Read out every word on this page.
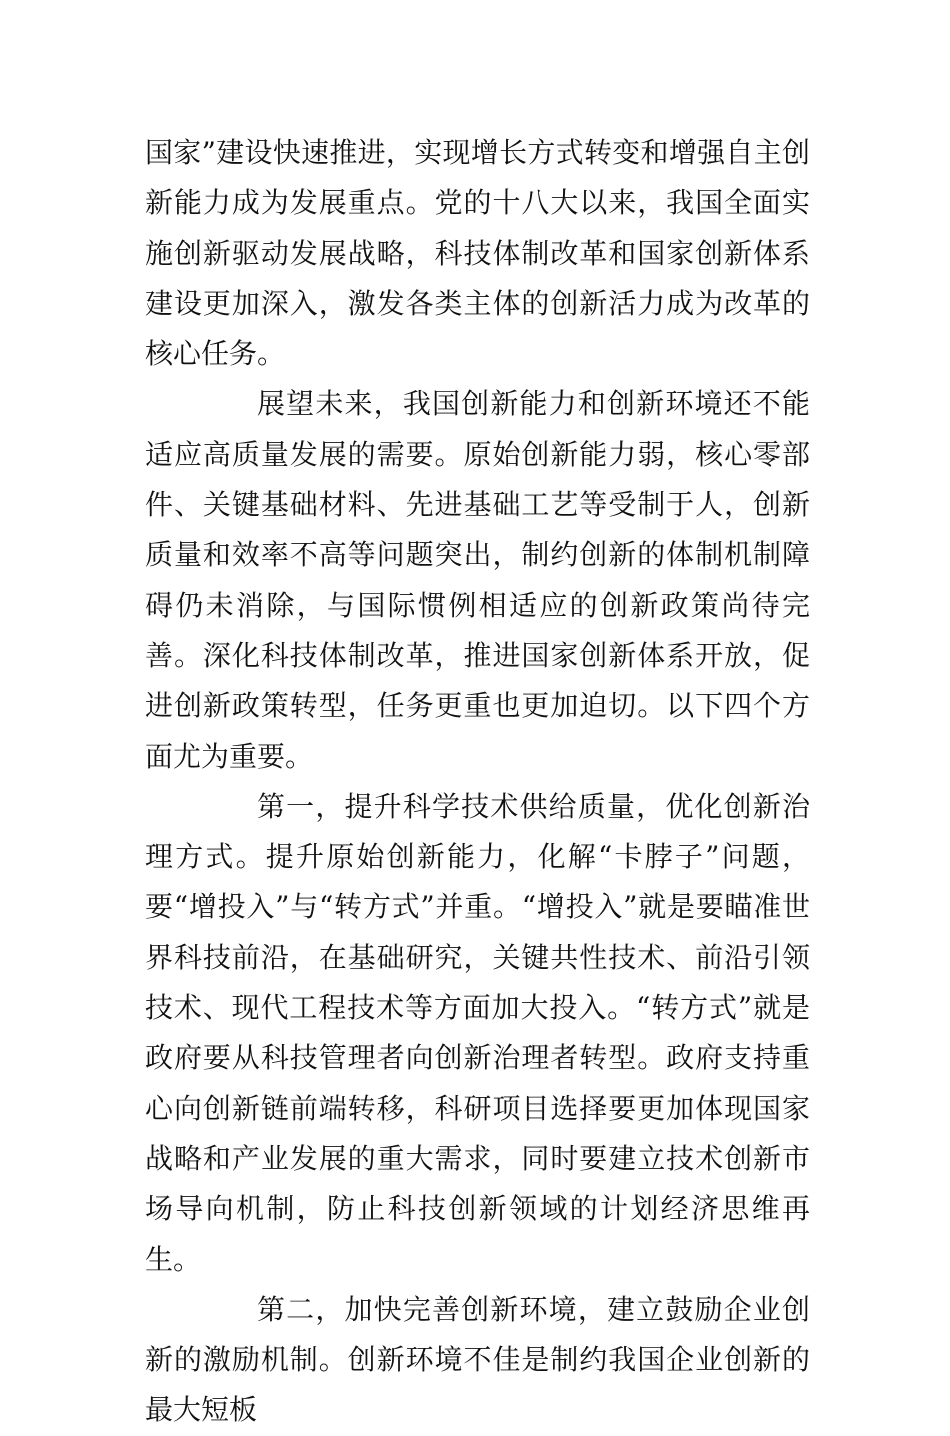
国家”建设快速推进，实现增长方式转变和增强自主创新能力成为发展重点。党的十八大以来，我国全面实施创新驱动发展战略，科技体制改革和国家创新体系建设更加深入，激发各类主体的创新活力成为改革的核心任务。

展望未来，我国创新能力和创新环境还不能适应高质量发展的需要。原始创新能力弱，核心零部件、关键基础材料、先进基础工艺等受制于人，创新质量和效率不高等问题突出，制约创新的体制机制障碍仍未消除，与国际惯例相适应的创新政策尚待完善。深化科技体制改革，推进国家创新体系开放，促进创新政策转型，任务更重也更加迫切。以下四个方面尤为重要。

第一，提升科学技术供给质量，优化创新治理方式。提升原始创新能力，化解“卡脖子”问题，要“增投入”与“转方式”并重。“增投入”就是要瞄准世界科技前沿，在基础研究，关键共性技术、前沿引领技术、现代工程技术等方面加大投入。“转方式”就是政府要从科技管理者向创新治理者转型。政府支持重心向创新链前端转移，科研项目选择要更加体现国家战略和产业发展的重大需求，同时要建立技术创新市场导向机制，防止科技创新领域的计划经济思维再生。

第二，加快完善创新环境，建立鼓励企业创新的激励机制。创新环境不佳是制约我国企业创新的最大短板
